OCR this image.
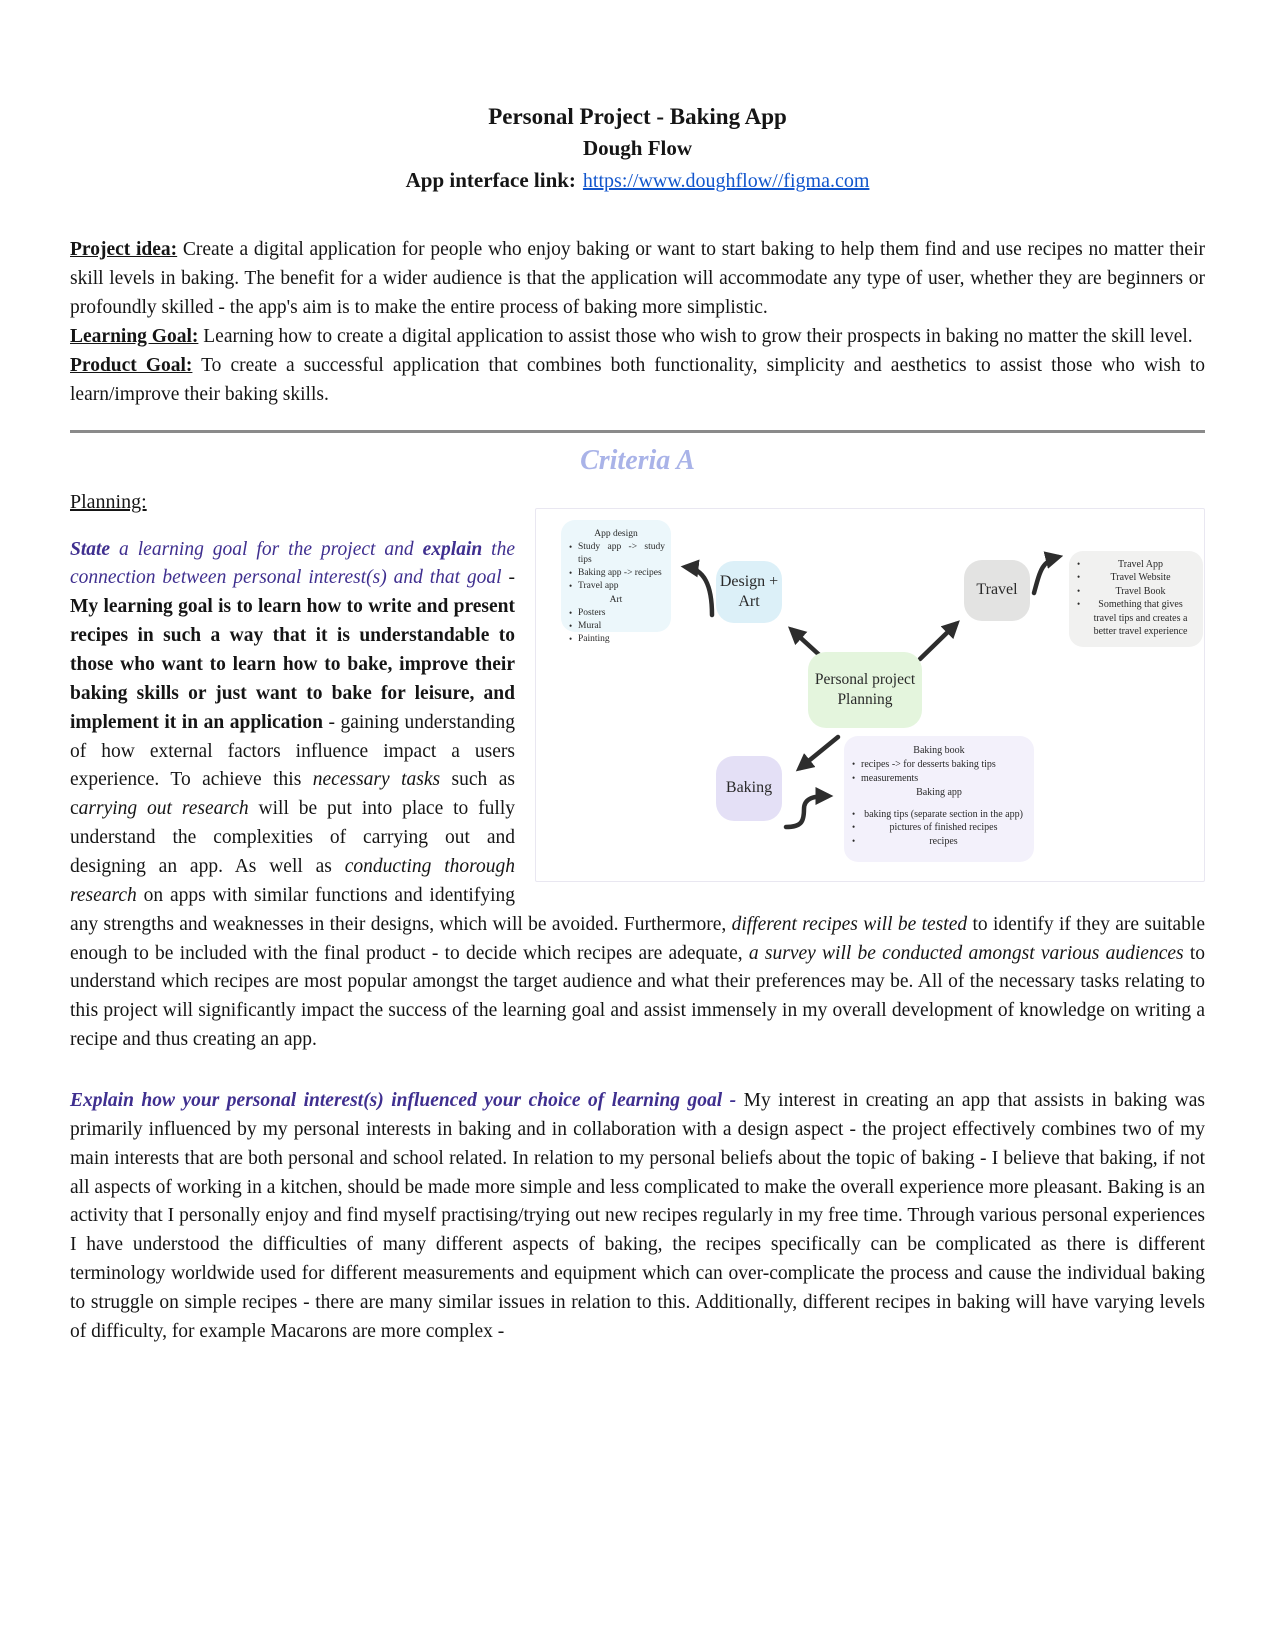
Personal Project - Baking App
Dough Flow
App interface link: https://www.doughflow//figma.com

Project idea: Create a digital application for people who enjoy baking or want to start baking to help them find and use recipes no matter their skill levels in baking. The benefit for a wider audience is that the application will accommodate any type of user, whether they are beginners or profoundly skilled - the app's aim is to make the entire process of baking more simplistic.

Learning Goal: Learning how to create a digital application to assist those who wish to grow their prospects in baking no matter the skill level.

Product Goal: To create a successful application that combines both functionality, simplicity and aesthetics to assist those who wish to learn/improve their baking skills.

Criteria A
Planning:
App design
• Study app -> study tips
• Baking app -> recipes
• Travel app
Art
• Posters
• Mural
• Painting
Design +
Art
Travel
• Travel App
• Travel Website
• Travel Book
• Something that gives travel tips and creates a better travel experience
Personal project
Planning
Baking
Baking book
• recipes -> for desserts baking tips
• measurements
Baking app
• baking tips (separate section in the app)
• pictures of finished recipes
• recipes
State a learning goal for the project and explain the connection between personal interest(s) and that goal - My learning goal is to learn how to write and present recipes in such a way that it is understandable to those who want to learn how to bake, improve their baking skills or just want to bake for leisure, and implement it in an application - gaining understanding of how external factors influence impact a users experience. To achieve this necessary tasks such as carrying out research will be put into place to fully understand the complexities of carrying out and designing an app. As well as conducting thorough research on apps with similar functions and identifying any strengths and weaknesses in their designs, which will be avoided. Furthermore, different recipes will be tested to identify if they are suitable enough to be included with the final product - to decide which recipes are adequate, a survey will be conducted amongst various audiences to understand which recipes are most popular amongst the target audience and what their preferences may be. All of the necessary tasks relating to this project will significantly impact the success of the learning goal and assist immensely in my overall development of knowledge on writing a recipe and thus creating an app.
Explain how your personal interest(s) influenced your choice of learning goal - My interest in creating an app that assists in baking was primarily influenced by my personal interests in baking and in collaboration with a design aspect - the project effectively combines two of my main interests that are both personal and school related. In relation to my personal beliefs about the topic of baking - I believe that baking, if not all aspects of working in a kitchen, should be made more simple and less complicated to make the overall experience more pleasant. Baking is an activity that I personally enjoy and find myself practising/trying out new recipes regularly in my free time. Through various personal experiences I have understood the difficulties of many different aspects of baking, the recipes specifically can be complicated as there is different terminology worldwide used for different measurements and equipment which can over-complicate the process and cause the individual baking to struggle on simple recipes - there are many similar issues in relation to this. Additionally, different recipes in baking will have varying levels of difficulty, for example Macarons are more complex -
